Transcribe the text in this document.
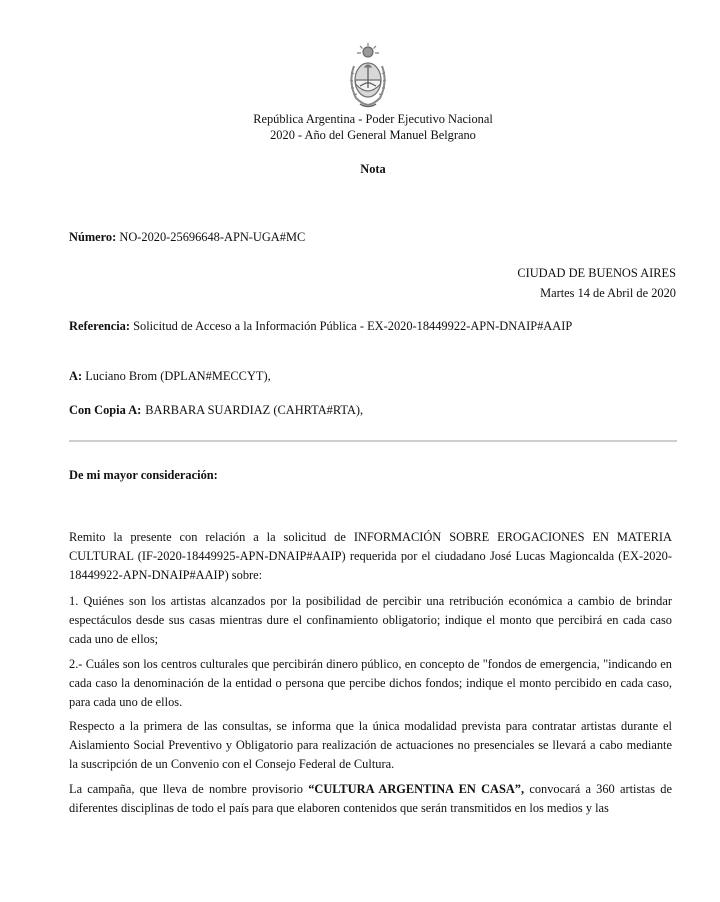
República Argentina - Poder Ejecutivo Nacional
2020 - Año del General Manuel Belgrano
Nota
Número: NO-2020-25696648-APN-UGA#MC
CIUDAD DE BUENOS AIRES
Martes 14 de Abril de 2020
Referencia: Solicitud de Acceso a la Información Pública - EX-2020-18449922-APN-DNAIP#AAIP
A: Luciano Brom (DPLAN#MECCYT),
Con Copia A: BARBARA SUARDIAZ (CAHRTA#RTA),
De mi mayor consideración:
Remito la presente con relación a la solicitud de INFORMACIÓN SOBRE EROGACIONES EN MATERIA CULTURAL (IF-2020-18449925-APN-DNAIP#AAIP) requerida por el ciudadano José Lucas Magioncalda (EX-2020-18449922-APN-DNAIP#AAIP) sobre:
1. Quiénes son los artistas alcanzados por la posibilidad de percibir una retribución económica a cambio de brindar espectáculos desde sus casas mientras dure el confinamiento obligatorio; indique el monto que percibirá en cada caso cada uno de ellos;
2.- Cuáles son los centros culturales que percibirán dinero público, en concepto de "fondos de emergencia, "indicando en cada caso la denominación de la entidad o persona que percibe dichos fondos; indique el monto percibido en cada caso, para cada uno de ellos.
Respecto a la primera de las consultas, se informa que la única modalidad prevista para contratar artistas durante el Aislamiento Social Preventivo y Obligatorio para realización de actuaciones no presenciales se llevará a cabo mediante la suscripción de un Convenio con el Consejo Federal de Cultura.
La campaña, que lleva de nombre provisorio “CULTURA ARGENTINA EN CASA”, convocará a 360 artistas de diferentes disciplinas de todo el país para que elaboren contenidos que serán transmitidos en los medios y las
